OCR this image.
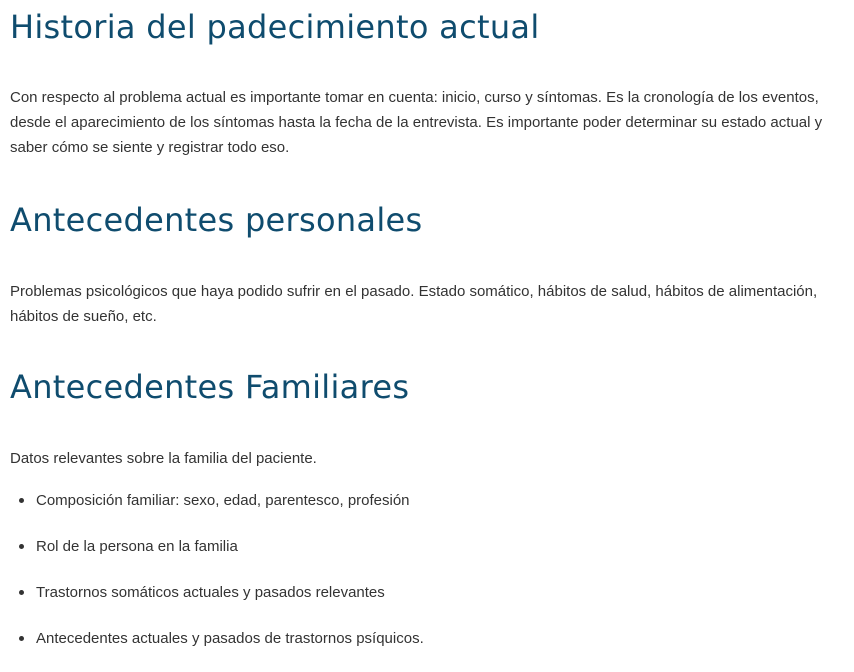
Historia del padecimiento actual

Con respecto al problema actual es importante tomar en cuenta: inicio, curso y síntomas. Es la cronología de los eventos, desde el aparecimiento de los síntomas hasta la fecha de la entrevista. Es importante poder determinar su estado actual y saber cómo se siente y registrar todo eso.

Antecedentes personales

Problemas psicológicos que haya podido sufrir en el pasado. Estado somático, hábitos de salud, hábitos de alimentación, hábitos de sueño, etc.

Antecedentes Familiares

Datos relevantes sobre la familia del paciente.

Composición familiar: sexo, edad, parentesco, profesión
Rol de la persona en la familia
Trastornos somáticos actuales y pasados relevantes
Antecedentes actuales y pasados de trastornos psíquicos.
